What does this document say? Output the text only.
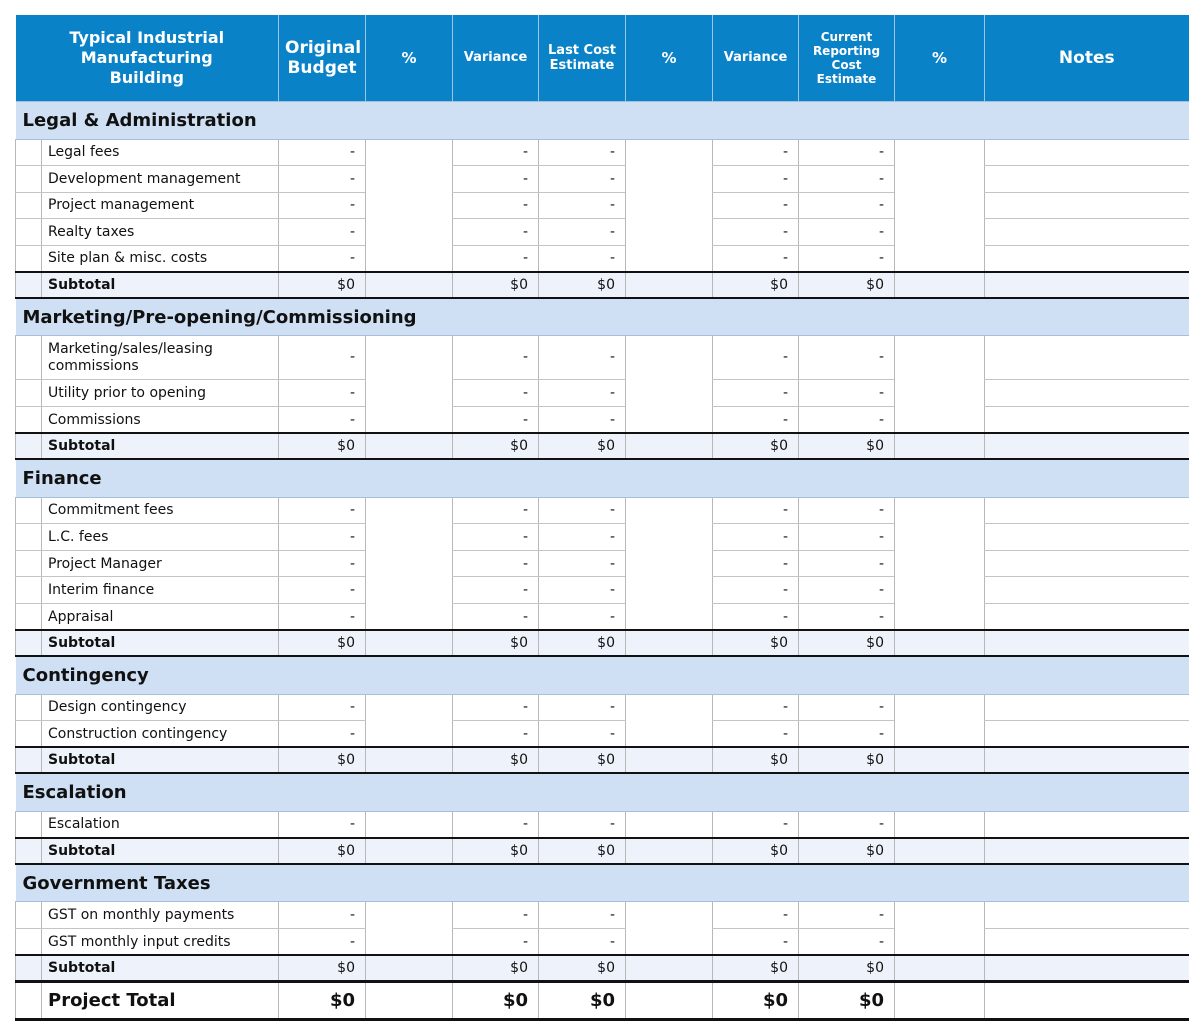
Typical Industrial Manufacturing Building		Original Budget	%	Variance	Last Cost Estimate	%	Variance	Current Reporting Cost Estimate	%	Notes
Legal & Administration										
	Legal fees	-		-	-		-	-		
	Development management	-		-	-		-	-		
	Project management	-		-	-		-	-		
	Realty taxes	-		-	-		-	-		
	Site plan & misc. costs	-		-	-		-	-		
	Subtotal	$0		$0	$0		$0	$0		
Marketing/Pre-opening/Commissioning										
	Marketing/sales/leasing commissions	-		-	-		-	-		
	Utility prior to opening	-		-	-		-	-		
	Commissions	-		-	-		-	-		
	Subtotal	$0		$0	$0		$0	$0		
Finance										
	Commitment fees	-		-	-		-	-		
	L.C. fees	-		-	-		-	-		
	Project Manager	-		-	-		-	-		
	Interim finance	-		-	-		-	-		
	Appraisal	-		-	-		-	-		
	Subtotal	$0		$0	$0		$0	$0		
Contingency										
	Design contingency	-		-	-		-	-		
	Construction contingency	-		-	-		-	-		
	Subtotal	$0		$0	$0		$0	$0		
Escalation										
	Escalation	-		-	-		-	-		
	Subtotal	$0		$0	$0		$0	$0		
Government Taxes										
	GST on monthly payments	-		-	-		-	-		
	GST monthly input credits	-		-	-		-	-		
	Subtotal	$0		$0	$0		$0	$0		
	Project Total	$0		$0	$0		$0	$0		
